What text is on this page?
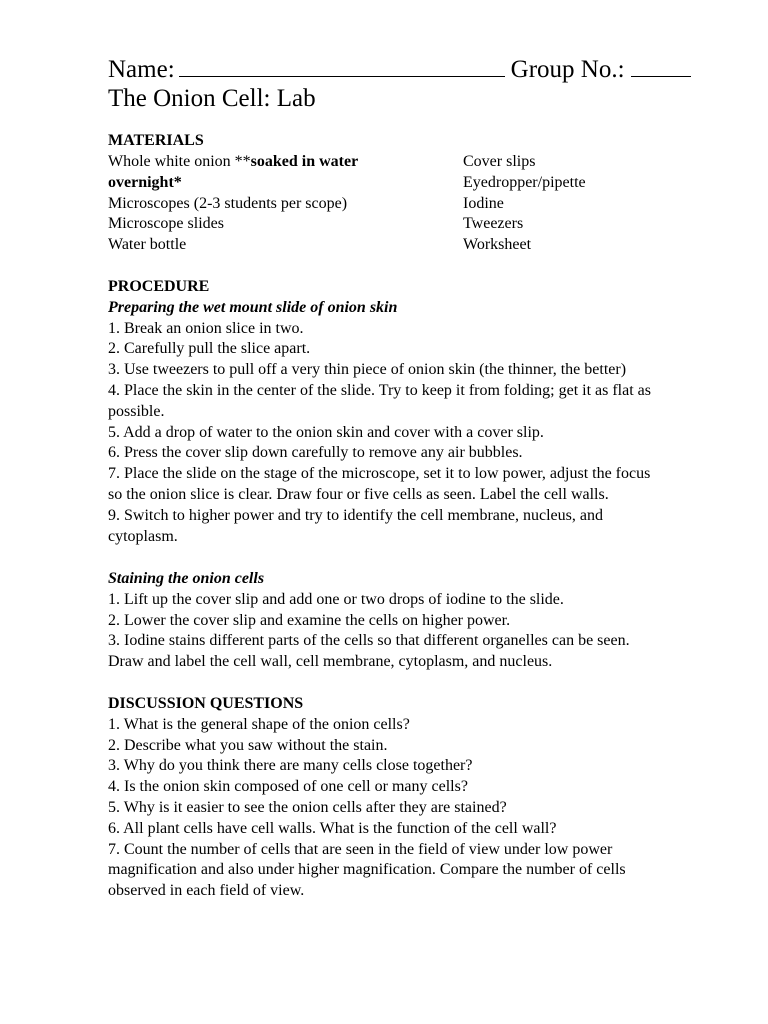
Name:	Group No.:
The Onion Cell: Lab
MATERIALS
Whole white onion **soaked in water
overnight*
Microscopes (2-3 students per scope)
Microscope slides
Water bottle
Cover slips
Eyedropper/pipette
Iodine
Tweezers
Worksheet
PROCEDURE
Preparing the wet mount slide of onion skin
1. Break an onion slice in two.
2. Carefully pull the slice apart.
3. Use tweezers to pull off a very thin piece of onion skin (the thinner, the better)
4. Place the skin in the center of the slide. Try to keep it from folding; get it as flat as
possible.
5. Add a drop of water to the onion skin and cover with a cover slip.
6. Press the cover slip down carefully to remove any air bubbles.
7. Place the slide on the stage of the microscope, set it to low power, adjust the focus
so the onion slice is clear. Draw four or five cells as seen. Label the cell walls.
9. Switch to higher power and try to identify the cell membrane, nucleus, and
cytoplasm.
Staining the onion cells
1. Lift up the cover slip and add one or two drops of iodine to the slide.
2. Lower the cover slip and examine the cells on higher power.
3. Iodine stains different parts of the cells so that different organelles can be seen.
Draw and label the cell wall, cell membrane, cytoplasm, and nucleus.
DISCUSSION QUESTIONS
1. What is the general shape of the onion cells?
2. Describe what you saw without the stain.
3. Why do you think there are many cells close together?
4. Is the onion skin composed of one cell or many cells?
5. Why is it easier to see the onion cells after they are stained?
6. All plant cells have cell walls. What is the function of the cell wall?
7. Count the number of cells that are seen in the field of view under low power
magnification and also under higher magnification. Compare the number of cells
observed in each field of view.
